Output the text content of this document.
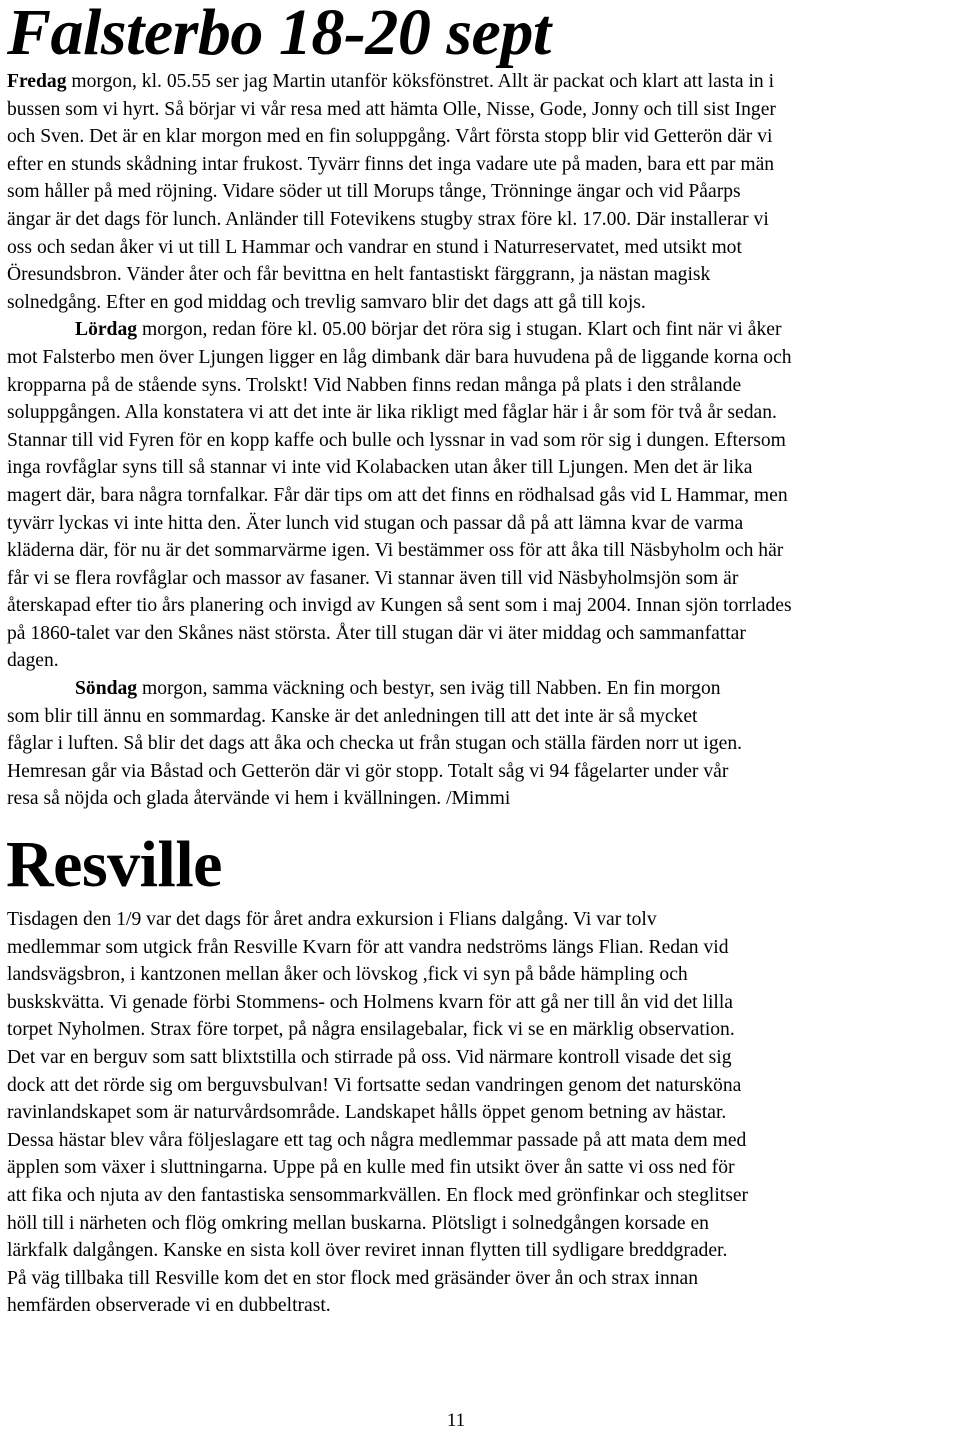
Falsterbo 18-20 sept
Fredag morgon, kl. 05.55 ser jag Martin utanför köksfönstret. Allt är packat och klart att lasta in i
bussen som vi hyrt. Så börjar vi vår resa med att hämta Olle, Nisse, Gode, Jonny och till sist Inger
och Sven. Det är en klar morgon med en fin soluppgång. Vårt första stopp blir vid Getterön där vi
efter en stunds skådning intar frukost. Tyvärr finns det inga vadare ute på maden, bara ett par män
som håller på med röjning. Vidare söder ut till Morups tånge, Trönninge ängar och vid Påarps
ängar är det dags för lunch. Anländer till Fotevikens stugby strax före kl. 17.00. Där installerar vi
oss och sedan åker vi ut till L Hammar och vandrar en stund i Naturreservatet, med utsikt mot
Öresundsbron. Vänder åter och får bevittna en helt fantastiskt färggrann, ja nästan magisk
solnedgång. Efter en god middag och trevlig samvaro blir det dags att gå till kojs.
Lördag morgon, redan före kl. 05.00 börjar det röra sig i stugan. Klart och fint när vi åker
mot Falsterbo men över Ljungen ligger en låg dimbank där bara huvudena på de liggande korna och
kropparna på de stående syns. Trolskt! Vid Nabben finns redan många på plats i den strålande
soluppgången. Alla konstatera vi att det inte är lika rikligt med fåglar här i år som för två år sedan.
Stannar till vid Fyren för en kopp kaffe och bulle och lyssnar in vad som rör sig i dungen. Eftersom
inga rovfåglar syns till så stannar vi inte vid Kolabacken utan åker till Ljungen. Men det är lika
magert där, bara några tornfalkar. Får där tips om att det finns en rödhalsad gås vid L Hammar, men
tyvärr lyckas vi inte hitta den. Äter lunch vid stugan och passar då på att lämna kvar de varma
kläderna där, för nu är det sommarvärme igen. Vi bestämmer oss för att åka till Näsbyholm och här
får vi se flera rovfåglar och massor av fasaner. Vi stannar även till vid Näsbyholmsjön som är
återskapad efter tio års planering och invigd av Kungen så sent som i maj 2004. Innan sjön torrlades
på 1860-talet var den Skånes näst största. Åter till stugan där vi äter middag och sammanfattar
dagen.
Söndag morgon, samma väckning och bestyr, sen iväg till Nabben. En fin morgon
som blir till ännu en sommardag. Kanske är det anledningen till att det inte är så mycket
fåglar i luften. Så blir det dags att åka och checka ut från stugan och ställa färden norr ut igen.
Hemresan går via Båstad och Getterön där vi gör stopp. Totalt såg vi 94 fågelarter under vår
resa så nöjda och glada återvände vi hem i kvällningen. /Mimmi
Resville
Tisdagen den 1/9 var det dags för året andra exkursion i Flians dalgång. Vi var tolv
medlemmar som utgick från Resville Kvarn för att vandra nedströms längs Flian. Redan vid
landsvägsbron, i kantzonen mellan åker och lövskog ,fick vi syn på både hämpling och
buskskvätta. Vi genade förbi Stommens- och Holmens kvarn för att gå ner till ån vid det lilla
torpet Nyholmen. Strax före torpet, på några ensilagebalar, fick vi se en märklig observation.
Det var en berguv som satt blixtstilla och stirrade på oss. Vid närmare kontroll visade det sig
dock att det rörde sig om berguvsbulvan! Vi fortsatte sedan vandringen genom det natursköna
ravinlandskapet som är naturvårdsområde. Landskapet hålls öppet genom betning av hästar.
Dessa hästar blev våra följeslagare ett tag och några medlemmar passade på att mata dem med
äpplen som växer i sluttningarna. Uppe på en kulle med fin utsikt över ån satte vi oss ned för
att fika och njuta av den fantastiska sensommarkvällen. En flock med grönfinkar och steglitser
höll till i närheten och flög omkring mellan buskarna. Plötsligt i solnedgången korsade en
lärkfalk dalgången. Kanske en sista koll över reviret innan flytten till sydligare breddgrader.
På väg tillbaka till Resville kom det en stor flock med gräsänder över ån och strax innan
hemfärden observerade vi en dubbeltrast.
11
